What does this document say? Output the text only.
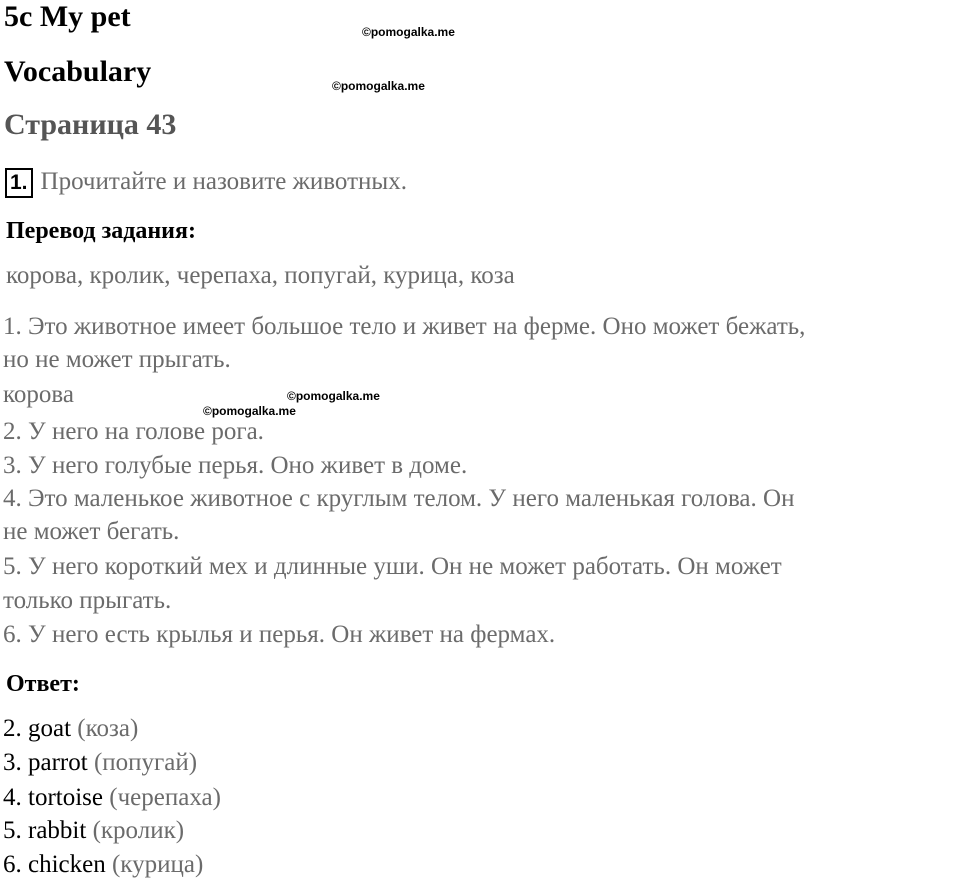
5c My pet	©pomogalka.me
Vocabulary	©pomogalka.me
Страница 43
1. Прочитайте и назовите животных.
Перевод задания:
корова, кролик, черепаха, попугай, курица, коза
1. Это животное имеет большое тело и живет на ферме. Оно может бежать,
но не может прыгать.
корова	©pomogalka.me
©pomogalka.me
2. У него на голове рога.
3. У него голубые перья. Оно живет в доме.
4. Это маленькое животное с круглым телом. У него маленькая голова. Он
не может бегать.
5. У него короткий мех и длинные уши. Он не может работать. Он может
только прыгать.
6. У него есть крылья и перья. Он живет на фермах.
Ответ:
2. goat (коза)
3. parrot (попугай)
4. tortoise (черепаха)
5. rabbit (кролик)
6. chicken (курица)
